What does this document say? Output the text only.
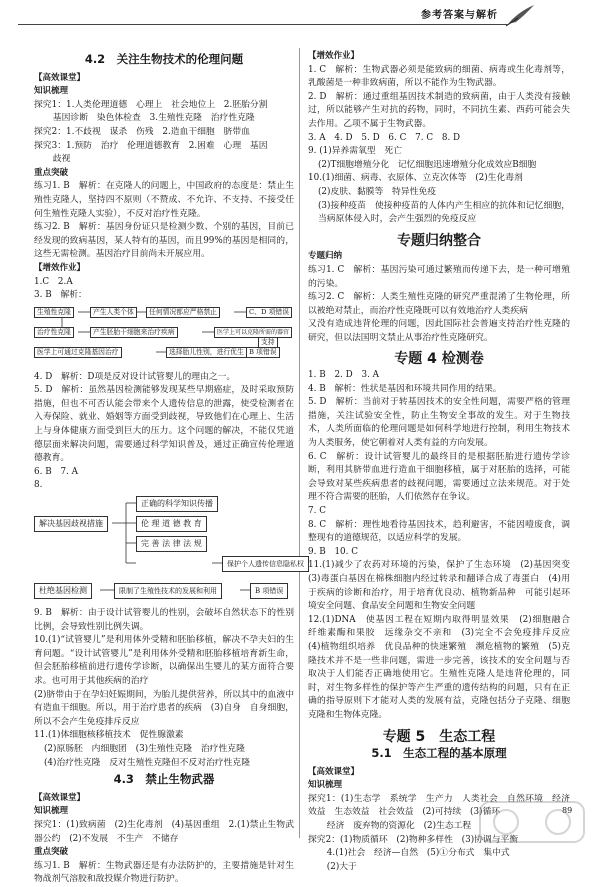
参考答案与解析
4.2　关注生物技术的伦理问题
【高效课堂】
知识梳理
探究1：1.人类伦理道德　心理上　社会地位上　2.胚胎分割
　基因诊断　染色体检查　3.生殖性克隆　治疗性克隆
探究2：1.不歧视　谋杀　伤残　2.造血干细胞　脐带血
探究3：1.预防　治疗　伦理道德教育　2.困难　心理　基因
　歧视
重点突破
练习1. B　解析：在克隆人的问题上，中国政府的态度是：禁止生殖性克隆人，坚持四不原则（不赞成、不允许、不支持、不接受任何生殖性克隆人实验），不反对治疗性克隆。
练习2. B　解析：基因身份证只是检测少数、个别的基因，目前已经发现的致病基因，某人特有的基因，而且99%的基因是相同的，这些无需检测。基因治疗目前尚未开展应用。
【增效作业】
1.C　2.A
3. B　解析：
生殖性克隆	产生人类个体	任何情况都应严格禁止	C、D 项错误
治疗性克隆	产生胚胎干细胞来治疗疾病	医学上可以克隆所需的器官
支持
医学上可通过克隆基因治疗	选择胎儿性别，进行优生 B 项错误
4. D　解析：D项是反对设计试管婴儿的理由之一。
5. D　解析：虽然基因检测能够发现某些早期癌症，及时采取预防措施，但也不可否认能会带来个人遗传信息的泄露，使受检测者在入寿保险、就业、婚姻等方面受到歧视，导致他们在心理上、生活上与身体健康方面受到巨大的压力。这个问题的解决，不能仅凭道德层面来解决问题，需要通过科学知识普及，通过正确宣传伦理道德教育。
6. B　7. A
8.
解决基因歧视措施
正确的科学知识传播
伦 理 道 德 教 育
完 善 法 律 法 规
保护个人遗传信息隐私权
杜绝基因检测	限制了生殖性技术的发展和利用	B 项错误
9. B　解析：由于设计试管婴儿的性别，会破坏自然状态下的性别比例，会导致性别比例失调。
10.(1)“试管婴儿”是利用体外受精和胚胎移植，解决不孕夫妇的生育问题。“设计试管婴儿”是利用体外受精和胚胎移植培育新生命，但会胚胎移植前进行遗传学诊断，以确保出生婴儿的某方面符合要求。也可用于其他疾病的治疗
(2)脐带由于在孕妇妊娠期间，为胎儿提供营养，所以其中的血液中有造血干细胞。所以，用于治疗患者的疾病　(3)自身　自身细胞，所以不会产生免疫排斥反应
11.(1)体细胞核移植技术　促性腺激素
(2)原肠胚　内细胞团　(3)生殖性克隆　治疗性克隆
(4)治疗性克隆　反对生殖性克隆但不反对治疗性克隆
4.3　禁止生物武器
【高效课堂】
知识梳理
探究1：(1)致病菌　(2)生化毒剂　(4)基因重组　2.(1)禁止生物武器公约　(2)不发展　不生产　不储存
重点突破
练习1. B　解析：生物武器还是有办法防护的，主要措施是针对生物战剂气溶胶和敌投媒介物进行防护。
【增效作业】
1. C　解析：生物武器必须是能致病的细菌、病毒或生化毒剂等，乳酸菌是一种非致病菌，所以不能作为生物武器。
2. D　解析：通过重组基因技术制造的致病菌，由于人类没有接触过，所以能够产生对抗的药物，同时，不同抗生素、西药可能会失去作用。乙项不属于生物武器。
3. A　4. D　5. D　6. C　7. C　8. D
9. (1)异养需氧型　死亡
(2)T细胞增殖分化　记忆细胞迅速增殖分化成效应B细胞
10.(1)细菌、病毒、衣原体、立克次体等　(2)生化毒剂
(2)皮肤、黏膜等　特异性免疫
(3)接种疫苗　使接种疫苗的人体内产生相应的抗体和记忆细胞，当病原体侵入时，会产生强烈的免疫反应
专题归纳整合
专题归纳
练习1. C　解析：基因污染可通过繁殖而传递下去，是一种可增殖的污染。
练习2. C　解析：人类生殖性克隆的研究严重混淆了生物伦理，所以被绝对禁止，而治疗性克隆既可以有效地治疗人类疾病
又没有造成违背伦理的问题，因此国际社会普遍支持治疗性克隆的研究，但以法国明文禁止从事治疗性克隆研究。
专题 4 检测卷
1. B　2. D　3. A
4. B　解析：性状是基因和环境共同作用的结果。
5. D　解析：当前对于转基因技术的安全性问题，需要严格的管理措施，关注试验安全性，防止生物安全事故的发生。对于生物技术，人类所面临的伦理问题是如何科学地进行控制，利用生物技术为人类服务，使它朝着对人类有益的方向发展。
6. C　解析：设计试管婴儿的最终目的是根据胚胎进行遗传学诊断，利用其脐带血进行造血干细胞移植，属于对胚胎的选择，可能会导致对某些疾病患者的歧视问题，需要通过立法来规范。对于处理不符合需要的胚胎，人们依然存在争议。
7. C
8. C　解析：理性地看待基因技术，趋利避害，不能因噎废食，调整现有的道德规范，以适应科学的发展。
9. B　10. C
11.(1)减少了农药对环境的污染，保护了生态环境　(2)基因突变　(3)毒蛋白基因在棉株细胞内经过转录和翻译合成了毒蛋白　(4)用于疾病的诊断和治疗，用于培育优良动、植物新品种　可能引起环境安全问题、食品安全问题和生物安全问题
12.(1)DNA　使基因工程在短期内取得明显效果　(2)细胞融合　纤维素酶和果胶　远缘杂交不亲和　(3)完全不会免疫排斥反应　(4)植物组织培养　优良品种的快速繁殖　濒危植物的繁殖　(5)克隆技术并不是一些非问题，需进一步完善，该技术的安全问题与否取决于人们能否正确地使用它。生殖性克隆人是违背伦理的，同时，对生物多样性的保护等产生严重的遗传结构的问题，只有在正确的指导原则下才能对人类的发展有益，克隆包括分子克隆、细胞克隆和生物体克隆。
专题 5　生态工程
5.1　生态工程的基本原理
【高效课堂】
知识梳理
探究1：(1)生态学　系统学　生产力　人类社会　自然环境　经济效益　生态效益　社会效益　(2)可持续　(3)循环
　经济　废弃物的资源化　(2)生态工程
探究2：(1)物质循环　(2)物种多样性　(3)协调与平衡
　4.(1)社会　经济—自然　(5)①分布式　集中式
　(2)大于
89
